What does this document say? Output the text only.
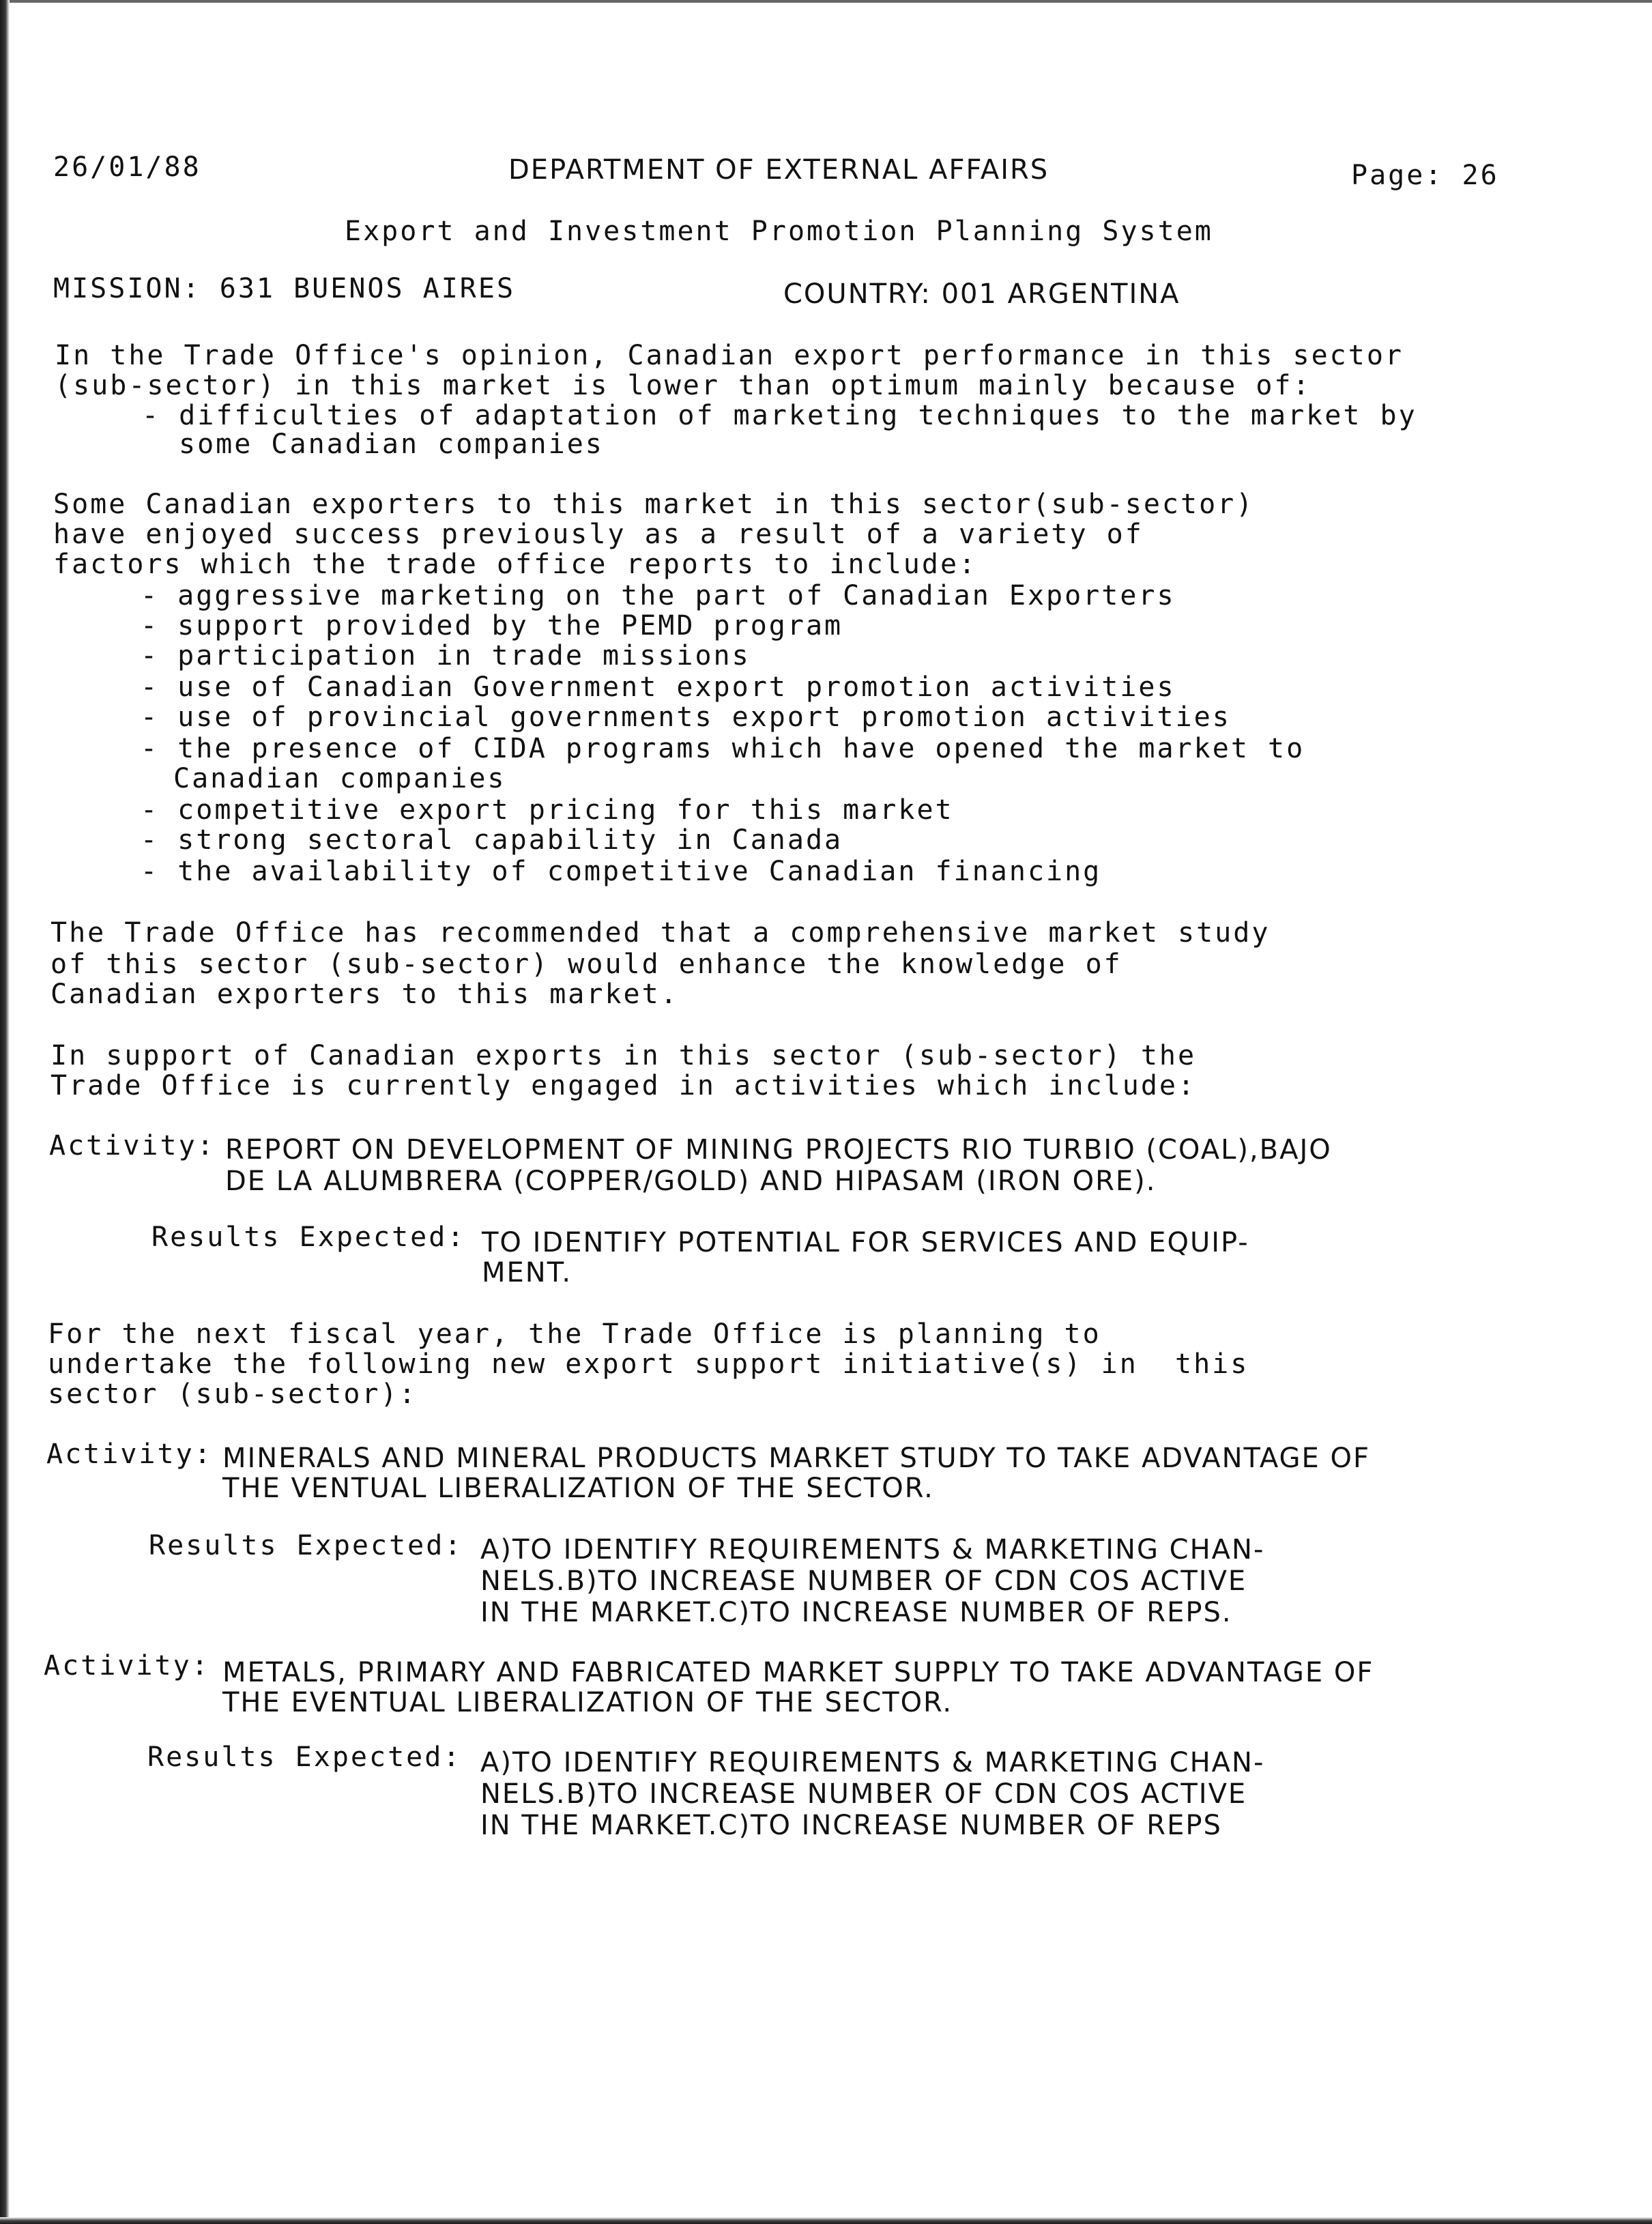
26/01/88	DEPARTMENT OF EXTERNAL AFFAIRS	Page: 26
Export and Investment Promotion Planning System
MISSION: 631 BUENOS AIRES	COUNTRY: 001 ARGENTINA
In the Trade Office's opinion, Canadian export performance in this sector
(sub-sector) in this market is lower than optimum mainly because of:
- difficulties of adaptation of marketing techniques to the market by
some Canadian companies
Some Canadian exporters to this market in this sector(sub-sector)
have enjoyed success previously as a result of a variety of
factors which the trade office reports to include:
- aggressive marketing on the part of Canadian Exporters
- support provided by the PEMD program
- participation in trade missions
- use of Canadian Government export promotion activities
- use of provincial governments export promotion activities
- the presence of CIDA programs which have opened the market to
Canadian companies
- competitive export pricing for this market
- strong sectoral capability in Canada
- the availability of competitive Canadian financing
The Trade Office has recommended that a comprehensive market study
of this sector (sub-sector) would enhance the knowledge of
Canadian exporters to this market.
In support of Canadian exports in this sector (sub-sector) the
Trade Office is currently engaged in activities which include:
Activity: REPORT ON DEVELOPMENT OF MINING PROJECTS RIO TURBIO (COAL),BAJO
DE LA ALUMBRERA (COPPER/GOLD) AND HIPASAM (IRON ORE).
Results Expected: TO IDENTIFY POTENTIAL FOR SERVICES AND EQUIP-
MENT.
For the next fiscal year, the Trade Office is planning to
undertake the following new export support initiative(s) in  this
sector (sub-sector):
Activity: MINERALS AND MINERAL PRODUCTS MARKET STUDY TO TAKE ADVANTAGE OF
THE VENTUAL LIBERALIZATION OF THE SECTOR.
Results Expected: A)TO IDENTIFY REQUIREMENTS & MARKETING CHAN-
NELS.B)TO INCREASE NUMBER OF CDN COS ACTIVE
IN THE MARKET.C)TO INCREASE NUMBER OF REPS.
Activity: METALS, PRIMARY AND FABRICATED MARKET SUPPLY TO TAKE ADVANTAGE OF
THE EVENTUAL LIBERALIZATION OF THE SECTOR.
Results Expected: A)TO IDENTIFY REQUIREMENTS & MARKETING CHAN-
NELS.B)TO INCREASE NUMBER OF CDN COS ACTIVE
IN THE MARKET.C)TO INCREASE NUMBER OF REPS
